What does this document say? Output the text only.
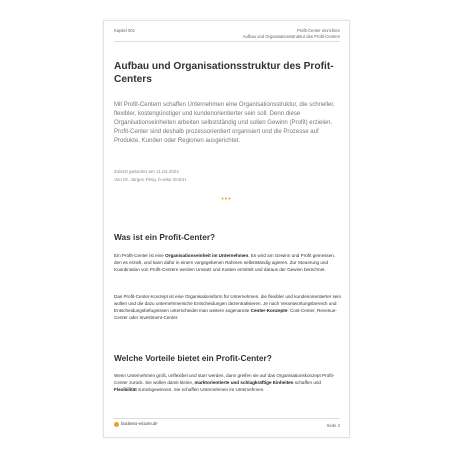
Kapitel 001	Profit-Center einrichten
Aufbau und Organisationsstruktur des Profit-Centers
Aufbau und Organisationsstruktur des Profit-Centers

Mit Profit-Centern schaffen Unternehmen eine Organisationsstruktur, die schneller, flexibler, kostengünstiger und kundenorientierter sein soll. Denn diese Organisationseinheiten arbeiten selbstständig und sollen Gewinn (Profit) erzielen. Profit-Center sind deshalb prozessorientiert organisiert und die Prozesse auf Produkte, Kunden oder Regionen ausgerichtet.

Zuletzt geändert am 11.04.2024
Von Dr. Jürgen Fleig, b-wise GmbH
•••
Was ist ein Profit-Center?

Ein Profit-Center ist eine Organisationseinheit im Unternehmen. Es wird am Gewinn und Profit gemessen, den es erzielt, und kann dafür in einem vorgegebenen Rahmen selbstständig agieren. Zur Steuerung und Koordination von Profit-Centern werden Umsatz und Kosten ermittelt und daraus der Gewinn berechnet.

Das Profit-Center-Konzept ist eine Organisationsform für Unternehmen, die flexibler und kundenorientierter sein wollen und die dazu unternehmerische Entscheidungen dezentralisieren. Je nach Verantwortungsbereich und Entscheidungsbefugnissen unterscheidet man weitere sogenannte Center-Konzepte: Cost-Center, Revenue-Center oder Investment-Center.

Welche Vorteile bietet ein Profit-Center?

Wenn Unternehmen groß, unflexibel und starr werden, dann greifen sie auf das Organisationskonzept Profit-Center zurück. Sie wollen damit kleine, marktorientierte und schlagkräftige Einheiten schaffen und Flexibilität zurückgewinnen. Sie schaffen Unternehmen im Unternehmen.

business-wissen.de	Seite 2
